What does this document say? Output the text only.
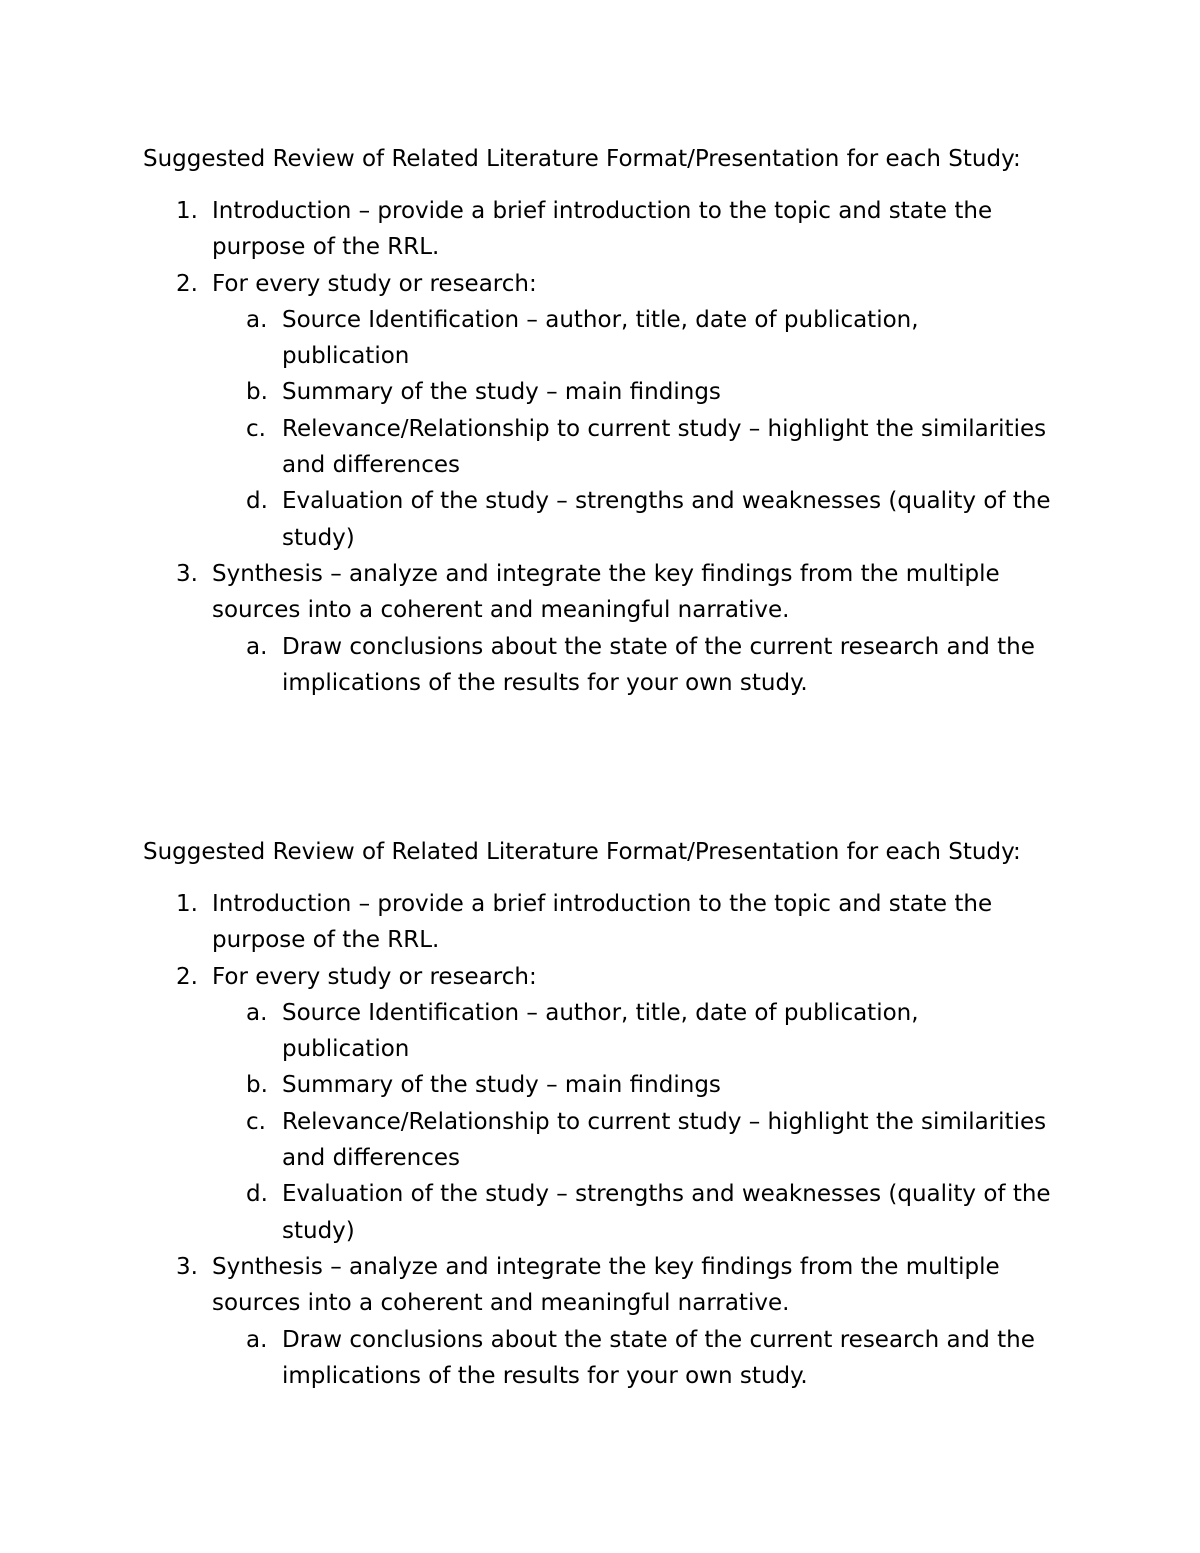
Suggested Review of Related Literature Format/Presentation for each Study:
1. Introduction – provide a brief introduction to the topic and state the purpose of the RRL.
2. For every study or research:
a. Source Identification – author, title, date of publication, publication
b. Summary of the study – main findings
c. Relevance/Relationship to current study – highlight the similarities and differences
d. Evaluation of the study – strengths and weaknesses (quality of the study)
3. Synthesis – analyze and integrate the key findings from the multiple sources into a coherent and meaningful narrative.
a. Draw conclusions about the state of the current research and the implications of the results for your own study.
Suggested Review of Related Literature Format/Presentation for each Study:
1. Introduction – provide a brief introduction to the topic and state the purpose of the RRL.
2. For every study or research:
a. Source Identification – author, title, date of publication, publication
b. Summary of the study – main findings
c. Relevance/Relationship to current study – highlight the similarities and differences
d. Evaluation of the study – strengths and weaknesses (quality of the study)
3. Synthesis – analyze and integrate the key findings from the multiple sources into a coherent and meaningful narrative.
a. Draw conclusions about the state of the current research and the implications of the results for your own study.
